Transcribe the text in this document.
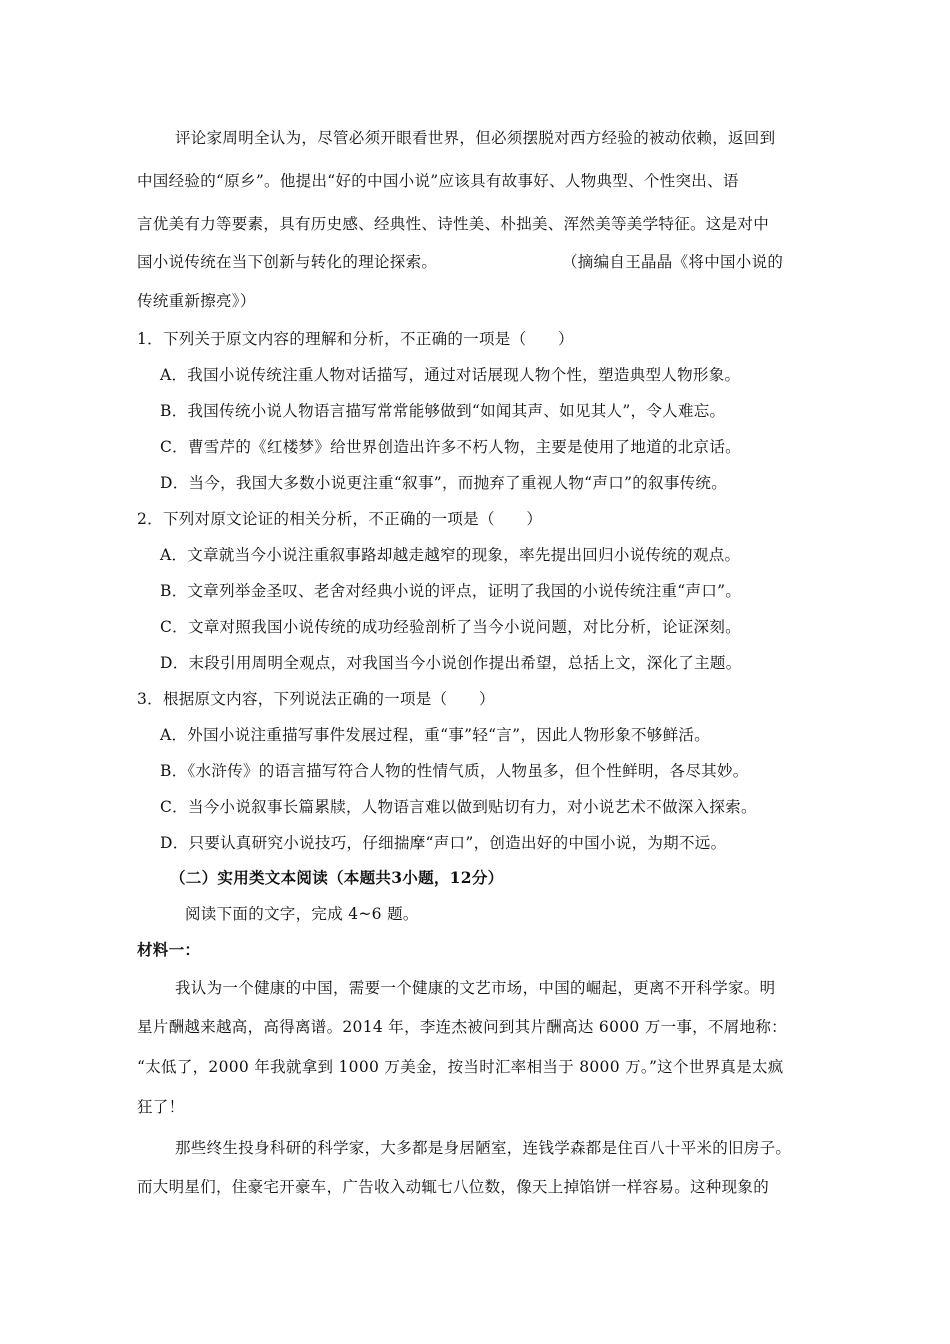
评论家周明全认为，尽管必须开眼看世界，但必须摆脱对西方经验的被动依赖，返回到
中国经验的“原乡”。他提出“好的中国小说”应该具有故事好、人物典型、个性突出、语
言优美有力等要素，具有历史感、经典性、诗性美、朴拙美、浑然美等美学特征。这是对中
国小说传统在当下创新与转化的理论探索。	（摘编自王晶晶《将中国小说的
传统重新擦亮》）
1．下列关于原文内容的理解和分析，不正确的一项是（　　）
A．我国小说传统注重人物对话描写，通过对话展现人物个性，塑造典型人物形象。
B．我国传统小说人物语言描写常常能够做到“如闻其声、如见其人”，令人难忘。
C．曹雪芹的《红楼梦》给世界创造出许多不朽人物，主要是使用了地道的北京话。
D．当今，我国大多数小说更注重“叙事”，而抛弃了重视人物“声口”的叙事传统。
2．下列对原文论证的相关分析，不正确的一项是（　　）
A．文章就当今小说注重叙事路却越走越窄的现象，率先提出回归小说传统的观点。
B．文章列举金圣叹、老舍对经典小说的评点，证明了我国的小说传统注重“声口”。
C．文章对照我国小说传统的成功经验剖析了当今小说问题，对比分析，论证深刻。
D．末段引用周明全观点，对我国当今小说创作提出希望，总括上文，深化了主题。
3．根据原文内容，下列说法正确的一项是（　　）
A．外国小说注重描写事件发展过程，重“事”轻“言”，因此人物形象不够鲜活。
B．《水浒传》的语言描写符合人物的性情气质，人物虽多，但个性鲜明，各尽其妙。
C．当今小说叙事长篇累牍，人物语言难以做到贴切有力，对小说艺术不做深入探索。
D．只要认真研究小说技巧，仔细揣摩“声口”，创造出好的中国小说，为期不远。
（二）实用类文本阅读（本题共3小题，12分）
阅读下面的文字，完成 4~6 题。
材料一：
我认为一个健康的中国，需要一个健康的文艺市场，中国的崛起，更离不开科学家。明
星片酬越来越高，高得离谱。2014 年，李连杰被问到其片酬高达 6000 万一事，不屑地称：
“太低了，2000 年我就拿到 1000 万美金，按当时汇率相当于 8000 万。”这个世界真是太疯
狂了！
那些终生投身科研的科学家，大多都是身居陋室，连钱学森都是住百八十平米的旧房子。
而大明星们，住豪宅开豪车，广告收入动辄七八位数，像天上掉馅饼一样容易。这种现象的
